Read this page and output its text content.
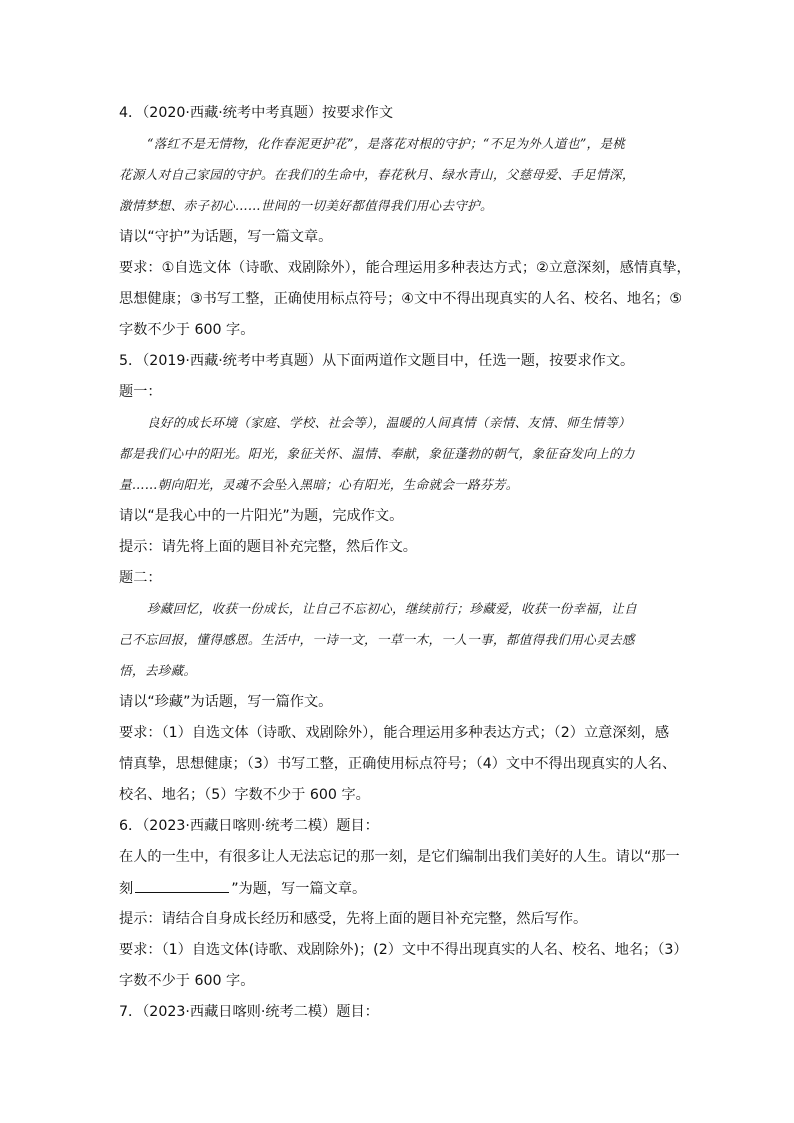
4．（2020·西藏·统考中考真题）按要求作文

“落红不是无情物，化作春泥更护花”，是落花对根的守护；“不足为外人道也”，是桃

花源人对自己家园的守护。在我们的生命中，春花秋月、绿水青山，父慈母爱、手足情深，

激情梦想、赤子初心……世间的一切美好都值得我们用心去守护。

请以“守护”为话题，写一篇文章。

要求：①自选文体（诗歌、戏剧除外），能合理运用多种表达方式；②立意深刻，感情真挚，

思想健康；③书写工整，正确使用标点符号；④文中不得出现真实的人名、校名、地名；⑤

字数不少于 600 字。

5．（2019·西藏·统考中考真题）从下面两道作文题目中，任选一题，按要求作文。

题一：

良好的成长环境（家庭、学校、社会等），温暖的人间真情（亲情、友情、师生情等）

都是我们心中的阳光。阳光，象征关怀、温情、奉献，象征蓬勃的朝气，象征奋发向上的力

量……朝向阳光，灵魂不会坠入黑暗；心有阳光，生命就会一路芬芳。

请以“是我心中的一片阳光”为题，完成作文。

提示：请先将上面的题目补充完整，然后作文。

题二：

珍藏回忆，收获一份成长，让自己不忘初心，继续前行；珍藏爱，收获一份幸福，让自

己不忘回报，懂得感恩。生活中，一诗一文，一草一木，一人一事，都值得我们用心灵去感

悟，去珍藏。

请以“珍藏”为话题，写一篇作文。

要求：（1）自选文体（诗歌、戏剧除外），能合理运用多种表达方式；（2）立意深刻，感

情真挚，思想健康；（3）书写工整，正确使用标点符号；（4）文中不得出现真实的人名、

校名、地名；（5）字数不少于 600 字。

6．（2023·西藏日喀则·统考二模）题目：

在人的一生中，有很多让人无法忘记的那一刻，是它们编制出我们美好的人生。请以“那一

刻	”为题，写一篇文章。

提示：请结合自身成长经历和感受，先将上面的题目补充完整，然后写作。

要求：（1）自选文体(诗歌、戏剧除外)；(2）文中不得出现真实的人名、校名、地名；（3）

字数不少于 600 字。

7．（2023·西藏日喀则·统考二模）题目：
